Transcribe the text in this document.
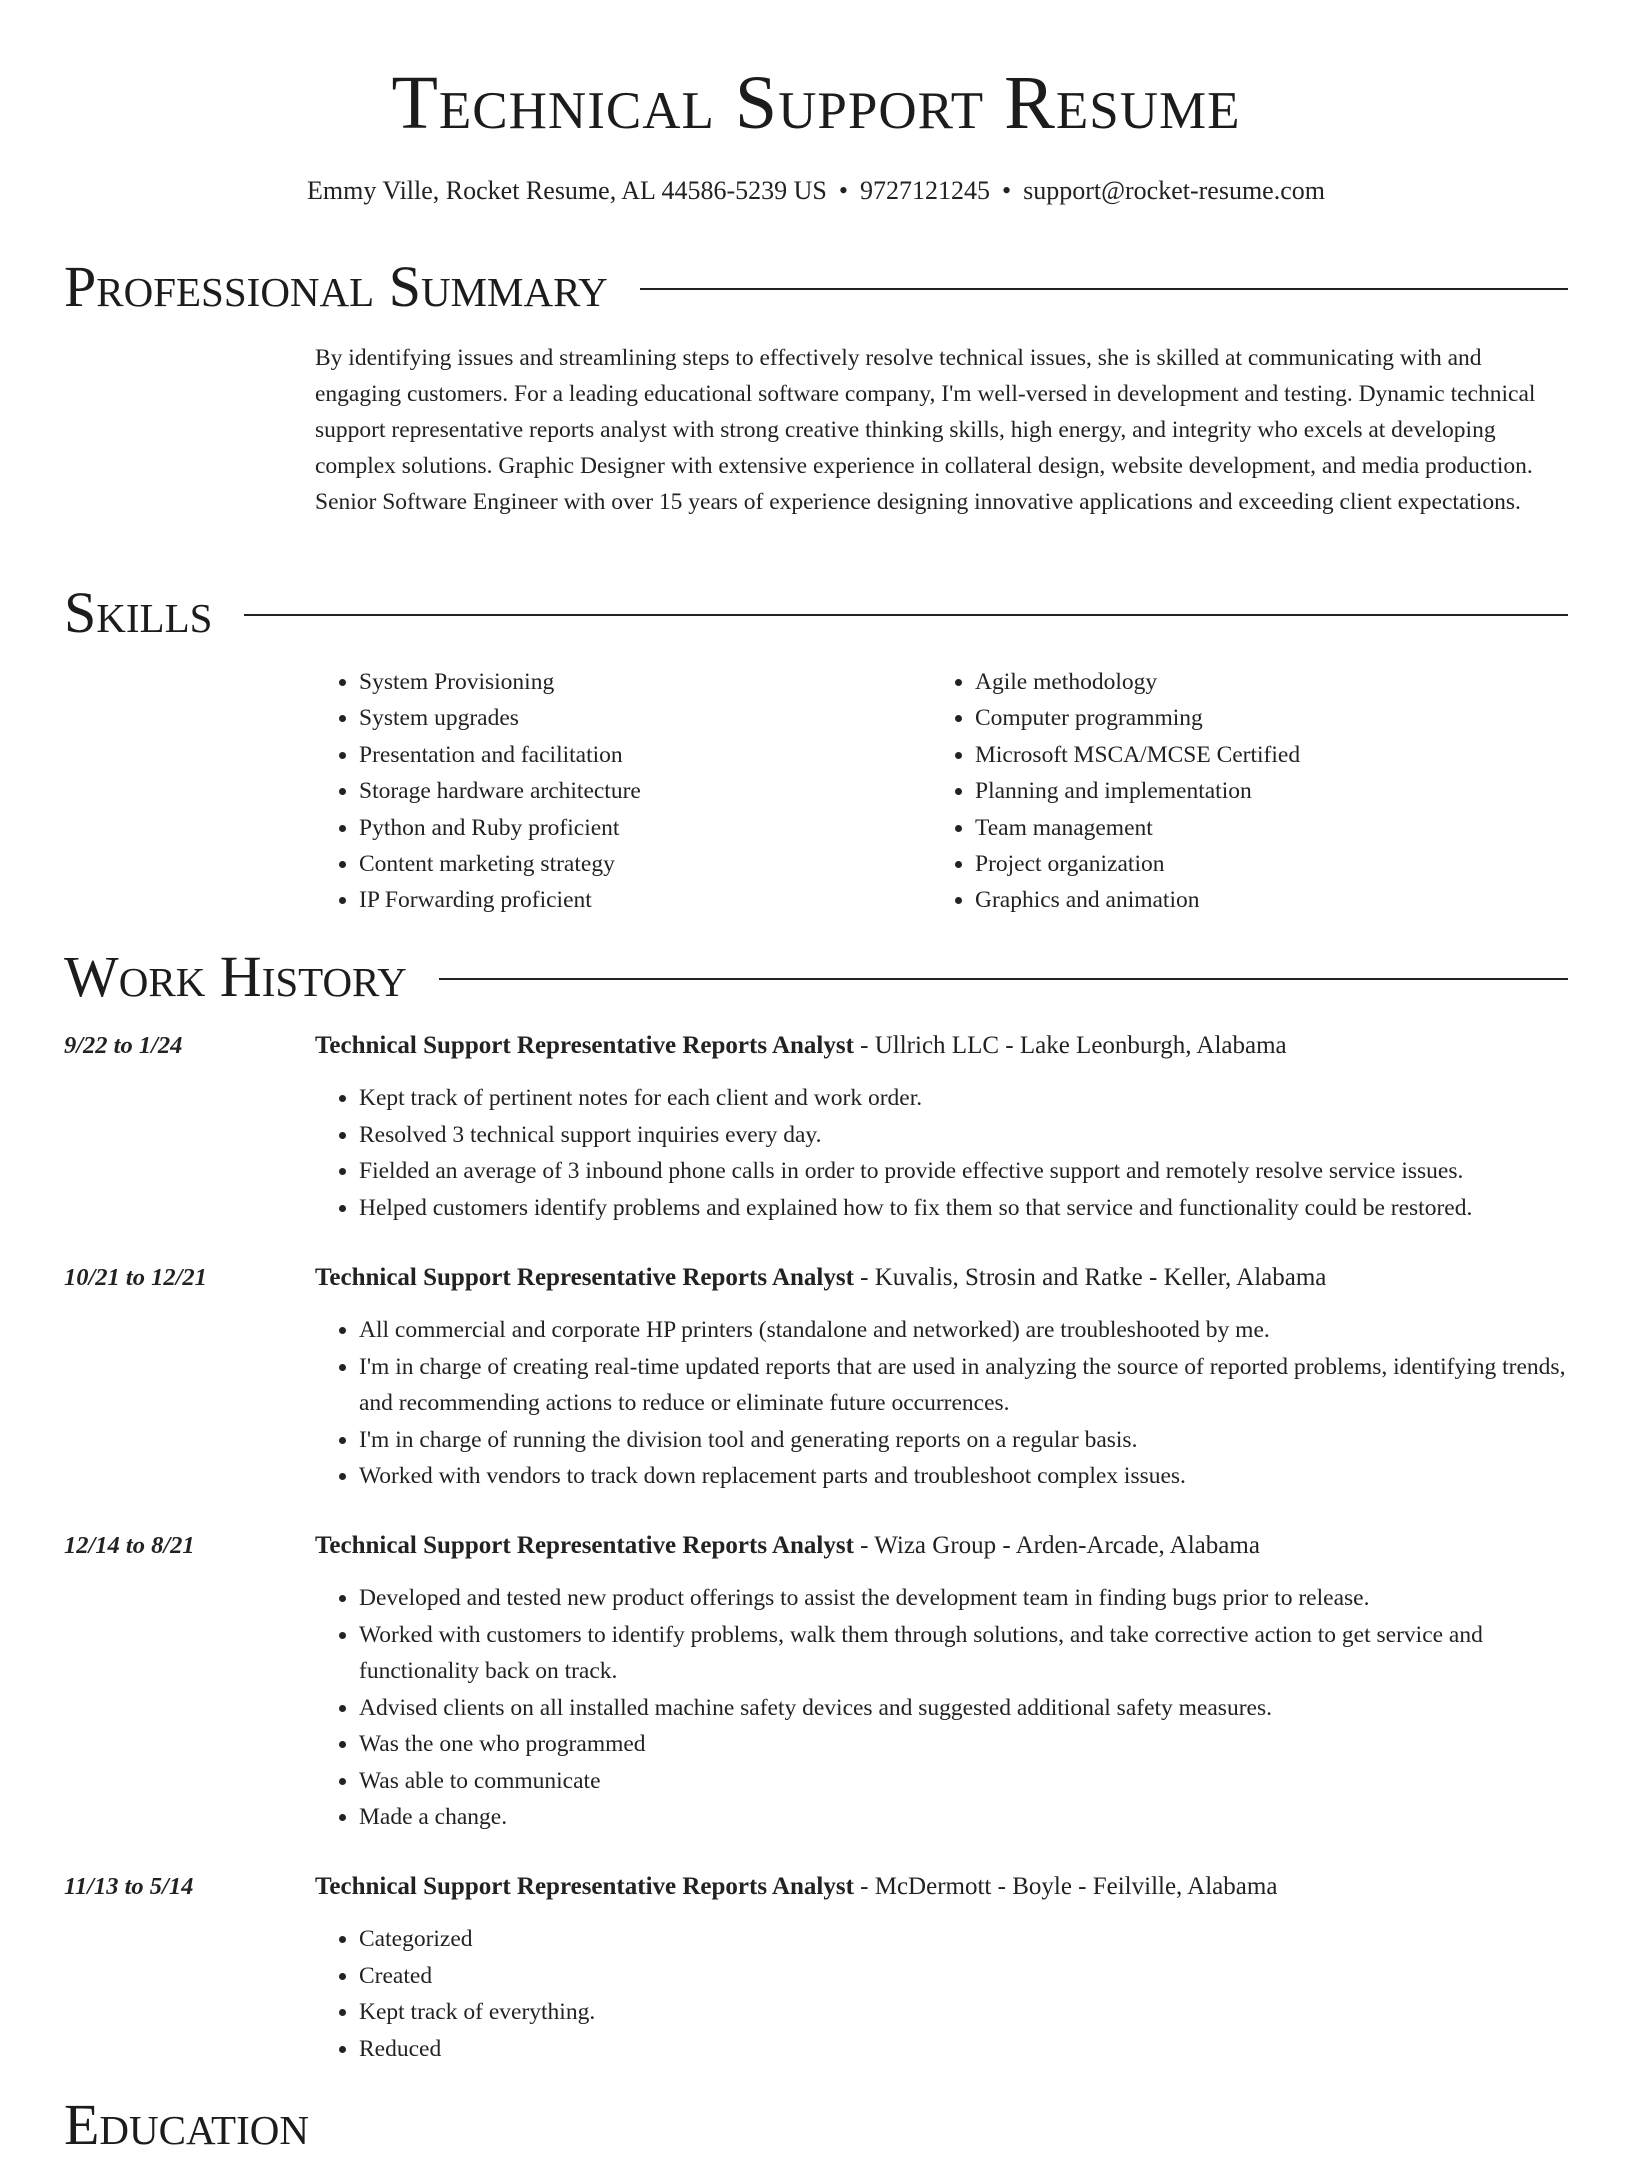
Technical Support Resume
Emmy Ville, Rocket Resume, AL 44586-5239 US • 9727121245 • support@rocket-resume.com
Professional Summary

By identifying issues and streamlining steps to effectively resolve technical issues, she is skilled at communicating with and engaging customers. For a leading educational software company, I'm well-versed in development and testing. Dynamic technical support representative reports analyst with strong creative thinking skills, high energy, and integrity who excels at developing complex solutions. Graphic Designer with extensive experience in collateral design, website development, and media production. Senior Software Engineer with over 15 years of experience designing innovative applications and exceeding client expectations.

Skills
• System Provisioning
• System upgrades
• Presentation and facilitation
• Storage hardware architecture
• Python and Ruby proficient
• Content marketing strategy
• IP Forwarding proficient
• Agile methodology
• Computer programming
• Microsoft MSCA/MCSE Certified
• Planning and implementation
• Team management
• Project organization
• Graphics and animation
Work History
9/22 to 1/24	Technical Support Representative Reports Analyst - Ullrich LLC - Lake Leonburgh, Alabama
• Kept track of pertinent notes for each client and work order.
• Resolved 3 technical support inquiries every day.
• Fielded an average of 3 inbound phone calls in order to provide effective support and remotely resolve service issues.
• Helped customers identify problems and explained how to fix them so that service and functionality could be restored.
10/21 to 12/21	Technical Support Representative Reports Analyst - Kuvalis, Strosin and Ratke - Keller, Alabama
• All commercial and corporate HP printers (standalone and networked) are troubleshooted by me.
• I'm in charge of creating real-time updated reports that are used in analyzing the source of reported problems, identifying trends, and recommending actions to reduce or eliminate future occurrences.
• I'm in charge of running the division tool and generating reports on a regular basis.
• Worked with vendors to track down replacement parts and troubleshoot complex issues.
12/14 to 8/21	Technical Support Representative Reports Analyst - Wiza Group - Arden-Arcade, Alabama
• Developed and tested new product offerings to assist the development team in finding bugs prior to release.
• Worked with customers to identify problems, walk them through solutions, and take corrective action to get service and functionality back on track.
• Advised clients on all installed machine safety devices and suggested additional safety measures.
• Was the one who programmed
• Was able to communicate
• Made a change.
11/13 to 5/14	Technical Support Representative Reports Analyst - McDermott - Boyle - Feilville, Alabama
• Categorized
• Created
• Kept track of everything.
• Reduced
Education
